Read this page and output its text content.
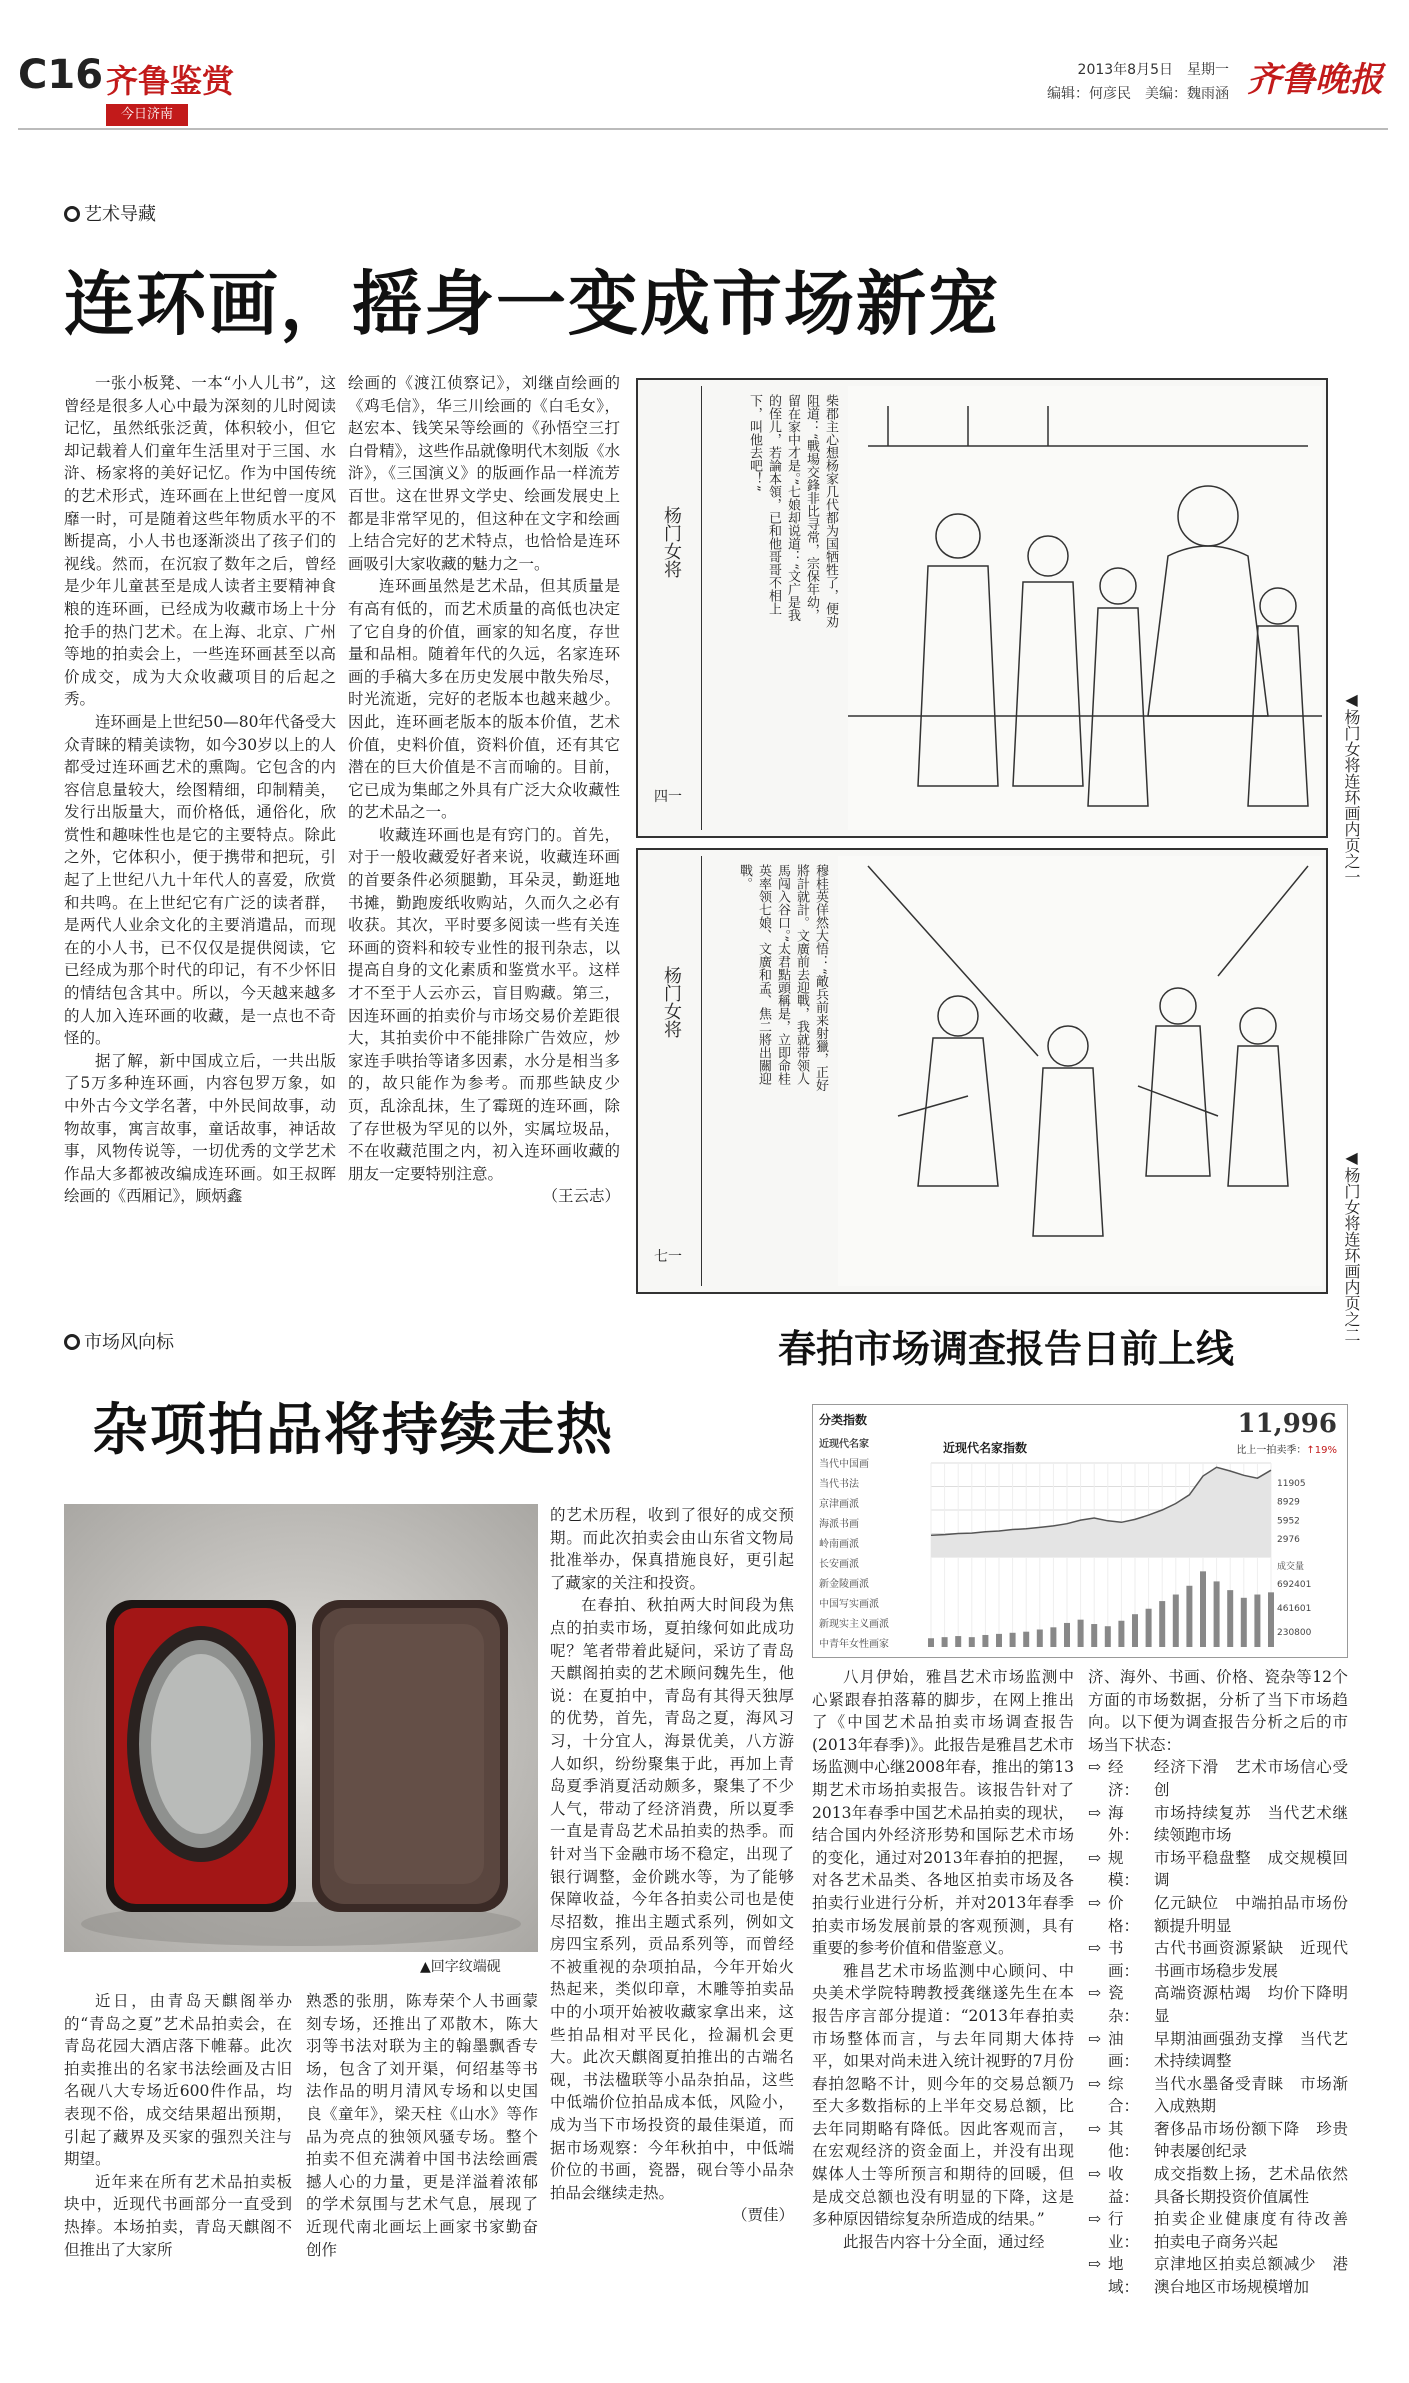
C16 齐鲁鉴赏
今日济南
2013年8月5日　星期一
编辑：何彦民　美编：魏雨涵 齐鲁晚报
艺术导藏
连环画，摇身一变成市场新宠

一张小板凳、一本“小人儿书”，这曾经是很多人心中最为深刻的儿时阅读记忆，虽然纸张泛黄，体积较小，但它却记载着人们童年生活里对于三国、水浒、杨家将的美好记忆。作为中国传统的艺术形式，连环画在上世纪曾一度风靡一时，可是随着这些年物质水平的不断提高，小人书也逐渐淡出了孩子们的视线。然而，在沉寂了数年之后，曾经是少年儿童甚至是成人读者主要精神食粮的连环画，已经成为收藏市场上十分抢手的热门艺术。在上海、北京、广州等地的拍卖会上，一些连环画甚至以高价成交，成为大众收藏项目的后起之秀。

连环画是上世纪50—80年代备受大众青睐的精美读物，如今30岁以上的人都受过连环画艺术的熏陶。它包含的内容信息量较大，绘图精细，印制精美，发行出版量大，而价格低，通俗化，欣赏性和趣味性也是它的主要特点。除此之外，它体积小，便于携带和把玩，引起了上世纪八九十年代人的喜爱，欣赏和共鸣。在上世纪它有广泛的读者群，是两代人业余文化的主要消遣品，而现在的小人书，已不仅仅是提供阅读，它已经成为那个时代的印记，有不少怀旧的情结包含其中。所以，今天越来越多的人加入连环画的收藏，是一点也不奇怪的。

据了解，新中国成立后，一共出版了5万多种连环画，内容包罗万象，如中外古今文学名著，中外民间故事，动物故事，寓言故事，童话故事，神话故事，风物传说等，一切优秀的文学艺术作品大多都被改编成连环画。如王叔晖绘画的《西厢记》，顾炳鑫

绘画的《渡江侦察记》，刘继卣绘画的《鸡毛信》，华三川绘画的《白毛女》，赵宏本、钱笑呆等绘画的《孙悟空三打白骨精》，这些作品就像明代木刻版《水浒》，《三国演义》的版画作品一样流芳百世。这在世界文学史、绘画发展史上都是非常罕见的，但这种在文字和绘画上结合完好的艺术特点，也恰恰是连环画吸引大家收藏的魅力之一。

连环画虽然是艺术品，但其质量是有高有低的，而艺术质量的高低也决定了它自身的价值，画家的知名度，存世量和品相。随着年代的久远，名家连环画的手稿大多在历史发展中散失殆尽，时光流逝，完好的老版本也越来越少。因此，连环画老版本的版本价值，艺术价值，史料价值，资料价值，还有其它潜在的巨大价值是不言而喻的。目前，它已成为集邮之外具有广泛大众收藏性的艺术品之一。

收藏连环画也是有窍门的。首先，对于一般收藏爱好者来说，收藏连环画的首要条件必须腿勤，耳朵灵，勤逛地书摊，勤跑废纸收购站，久而久之必有收获。其次，平时要多阅读一些有关连环画的资料和较专业性的报刊杂志，以提高自身的文化素质和鉴赏水平。这样才不至于人云亦云，盲目购藏。第三，因连环画的拍卖价与市场交易价差距很大，其拍卖价中不能排除广告效应，炒家连手哄抬等诸多因素，水分是相当多的，故只能作为参考。而那些缺皮少页，乱涂乱抹，生了霉斑的连环画，除了存世极为罕见的以外，实属垃圾品，不在收藏范围之内，初入连环画收藏的朋友一定要特别注意。

（王云志）

杨门女将
四一
柴郡主心想杨家几代都为国牺牲了，便劝阻道：“戰場交鋒非比寻常，宗保年幼，留在家中才是。”七娘却说道：“文广是我的侄儿，若論本領，已和他哥哥不相上下，叫他去吧！”
◀杨门女将连环画内页之一
杨门女将
七一
穆桂英佯然大悟：“敵兵前来射獵，正好將計就計。文廣前去迎戰，我就带领人馬闯入谷口。”太君點頭稱是，立即命桂英率领七娘、文廣和孟、焦二將出關迎戰。
◀杨门女将连环画内页之二
市场风向标
杂项拍品将持续走热
▲回字纹端砚

的艺术历程，收到了很好的成交预期。而此次拍卖会由山东省文物局批准举办，保真措施良好，更引起了藏家的关注和投资。

在春拍、秋拍两大时间段为焦点的拍卖市场，夏拍缘何如此成功呢？笔者带着此疑问，采访了青岛天麒阁拍卖的艺术顾问魏先生，他说：在夏拍中，青岛有其得天独厚的优势，首先，青岛之夏，海风习习，十分宜人，海景优美，八方游人如织，纷纷聚集于此，再加上青岛夏季消夏活动颇多，聚集了不少人气，带动了经济消费，所以夏季一直是青岛艺术品拍卖的热季。而针对当下金融市场不稳定，出现了银行调整，金价跳水等，为了能够保障收益，今年各拍卖公司也是使尽招数，推出主题式系列，例如文房四宝系列，贡品系列等，而曾经不被重视的杂项拍品，今年开始火热起来，类似印章，木雕等拍卖品中的小项开始被收藏家拿出来，这些拍品相对平民化，捡漏机会更大。此次天麒阁夏拍推出的古端名砚，书法楹联等小品杂拍品，这些中低端价位拍品成本低，风险小，成为当下市场投资的最佳渠道，而据市场观察：今年秋拍中，中低端价位的书画，瓷器，砚台等小品杂拍品会继续走热。

（贾佳）

近日，由青岛天麒阁举办的“青岛之夏”艺术品拍卖会，在青岛花园大酒店落下帷幕。此次拍卖推出的名家书法绘画及古旧名砚八大专场近600件作品，均表现不俗，成交结果超出预期，引起了藏界及买家的强烈关注与期望。

近年来在所有艺术品拍卖板块中，近现代书画部分一直受到热捧。本场拍卖，青岛天麒阁不但推出了大家所

熟悉的张朋，陈寿荣个人书画蒙刻专场，还推出了邓散木，陈大羽等书法对联为主的翰墨飘香专场，包含了刘开渠，何绍基等书法作品的明月清风专场和以史国良《童年》，梁天柱《山水》等作品为亮点的独领风骚专场。整个拍卖不但充满着中国书法绘画震撼人心的力量，更是洋溢着浓郁的学术氛围与艺术气息，展现了近现代南北画坛上画家书家勤奋创作

春拍市场调查报告日前上线
分类指数
近现代名家
当代中国画
当代书法
京津画派
海派书画
岭南画派
长安画派
新金陵画派
中国写实画派
新现实主义画派
中青年女性画家
近现代名家指数
11,996
比上一拍卖季：↑19%
11905
8929
5952
2976
成交量
692401
461601
230800

八月伊始，雅昌艺术市场监测中心紧跟春拍落幕的脚步，在网上推出了《中国艺术品拍卖市场调查报告(2013年春季)》。此报告是雅昌艺术市场监测中心继2008年春，推出的第13期艺术市场拍卖报告。该报告针对了2013年春季中国艺术品拍卖的现状，结合国内外经济形势和国际艺术市场的变化，通过对2013年春拍的把握，对各艺术品类、各地区拍卖市场及各拍卖行业进行分析，并对2013年春季拍卖市场发展前景的客观预测，具有重要的参考价值和借鉴意义。

雅昌艺术市场监测中心顾问、中央美术学院特聘教授龚继遂先生在本报告序言部分提道：“2013年春拍卖市场整体而言，与去年同期大体持平，如果对尚未进入统计视野的7月份春拍忽略不计，则今年的交易总额乃至大多数指标的上半年交易总额，比去年同期略有降低。因此客观而言，在宏观经济的资金面上，并没有出现媒体人士等所预言和期待的回暖，但是成交总额也没有明显的下降，这是多种原因错综复杂所造成的结果。”

此报告内容十分全面，通过经

济、海外、书画、价格、瓷杂等12个方面的市场数据，分析了当下市场趋向。以下便为调查报告分析之后的市场当下状态：

⇨ 经济：
经济下滑　艺术市场信心受创
⇨ 海外：
市场持续复苏　当代艺术继续领跑市场
⇨ 规模：
市场平稳盘整　成交规模回调
⇨ 价格：
亿元缺位　中端拍品市场份额提升明显
⇨ 书画：
古代书画资源紧缺　近现代书画市场稳步发展
⇨ 瓷杂：
高端资源枯竭　均价下降明显
⇨ 油画：
早期油画强劲支撑　当代艺术持续调整
⇨ 综合：
当代水墨备受青睐　市场渐入成熟期
⇨ 其他：
奢侈品市场份额下降　珍贵钟表屡创纪录
⇨ 收益：
成交指数上扬，艺术品依然具备长期投资价值属性
⇨ 行业：
拍卖企业健康度有待改善　拍卖电子商务兴起
⇨ 地域：
京津地区拍卖总额减少　港澳台地区市场规模增加
